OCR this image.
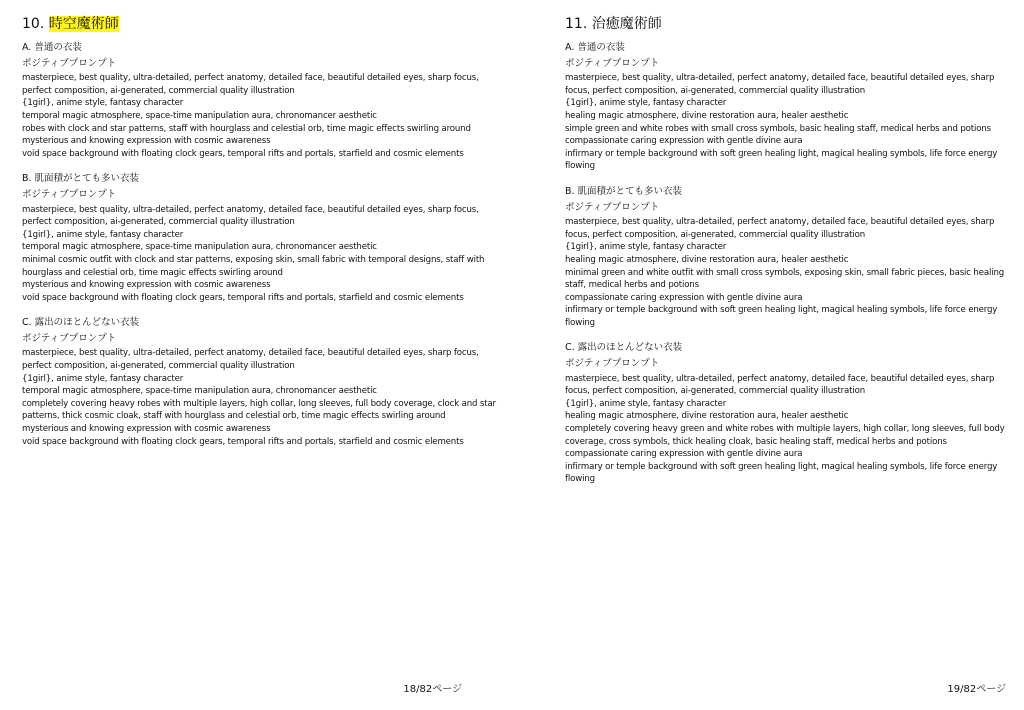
10. 時空魔術師
A. 普通の衣装
ポジティブプロンプト
masterpiece, best quality, ultra-detailed, perfect anatomy, detailed face, beautiful detailed eyes, sharp focus, perfect composition, ai-generated, commercial quality illustration
{1girl}, anime style, fantasy character
temporal magic atmosphere, space-time manipulation aura, chronomancer aesthetic
robes with clock and star patterns, staff with hourglass and celestial orb, time magic effects swirling around
mysterious and knowing expression with cosmic awareness
void space background with floating clock gears, temporal rifts and portals, starfield and cosmic elements
B. 肌面積がとても多い衣装
ポジティブプロンプト
masterpiece, best quality, ultra-detailed, perfect anatomy, detailed face, beautiful detailed eyes, sharp focus, perfect composition, ai-generated, commercial quality illustration
{1girl}, anime style, fantasy character
temporal magic atmosphere, space-time manipulation aura, chronomancer aesthetic
minimal cosmic outfit with clock and star patterns, exposing skin, small fabric with temporal designs, staff with hourglass and celestial orb, time magic effects swirling around
mysterious and knowing expression with cosmic awareness
void space background with floating clock gears, temporal rifts and portals, starfield and cosmic elements
C. 露出のほとんどない衣装
ポジティブプロンプト
masterpiece, best quality, ultra-detailed, perfect anatomy, detailed face, beautiful detailed eyes, sharp focus, perfect composition, ai-generated, commercial quality illustration
{1girl}, anime style, fantasy character
temporal magic atmosphere, space-time manipulation aura, chronomancer aesthetic
completely covering heavy robes with multiple layers, high collar, long sleeves, full body coverage, clock and star patterns, thick cosmic cloak, staff with hourglass and celestial orb, time magic effects swirling around
mysterious and knowing expression with cosmic awareness
void space background with floating clock gears, temporal rifts and portals, starfield and cosmic elements
18/82ページ
11. 治癒魔術師
A. 普通の衣装
ポジティブプロンプト
masterpiece, best quality, ultra-detailed, perfect anatomy, detailed face, beautiful detailed eyes, sharp focus, perfect composition, ai-generated, commercial quality illustration
{1girl}, anime style, fantasy character
healing magic atmosphere, divine restoration aura, healer aesthetic
simple green and white robes with small cross symbols, basic healing staff, medical herbs and potions
compassionate caring expression with gentle divine aura
infirmary or temple background with soft green healing light, magical healing symbols, life force energy flowing
B. 肌面積がとても多い衣装
ポジティブプロンプト
masterpiece, best quality, ultra-detailed, perfect anatomy, detailed face, beautiful detailed eyes, sharp focus, perfect composition, ai-generated, commercial quality illustration
{1girl}, anime style, fantasy character
healing magic atmosphere, divine restoration aura, healer aesthetic
minimal green and white outfit with small cross symbols, exposing skin, small fabric pieces, basic healing staff, medical herbs and potions
compassionate caring expression with gentle divine aura
infirmary or temple background with soft green healing light, magical healing symbols, life force energy flowing
C. 露出のほとんどない衣装
ポジティブプロンプト
masterpiece, best quality, ultra-detailed, perfect anatomy, detailed face, beautiful detailed eyes, sharp focus, perfect composition, ai-generated, commercial quality illustration
{1girl}, anime style, fantasy character
healing magic atmosphere, divine restoration aura, healer aesthetic
completely covering heavy green and white robes with multiple layers, high collar, long sleeves, full body coverage, cross symbols, thick healing cloak, basic healing staff, medical herbs and potions
compassionate caring expression with gentle divine aura
infirmary or temple background with soft green healing light, magical healing symbols, life force energy flowing
19/82ページ
